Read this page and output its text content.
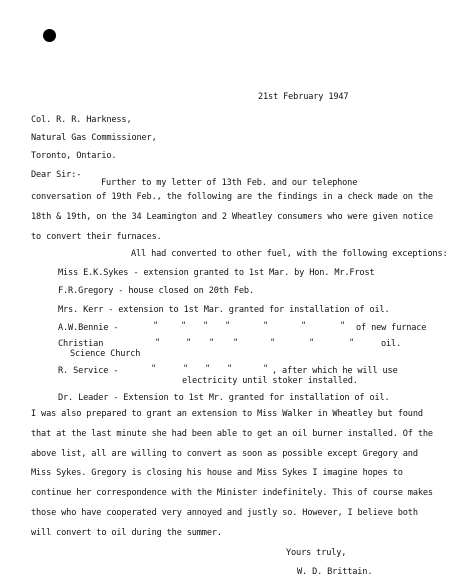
21st February 1947
Col. R. R. Harkness,
Natural Gas Commissioner,
Toronto, Ontario.
Dear Sir:-
Further to my letter of 13th Feb. and our telephone
conversation of 19th Feb., the following are the findings in a check made on the 18th & 19th, on the 34 Leamington and 2 Wheatley consumers who were given notice to convert their furnaces.
All had converted to other fuel, with the following exceptions:
Miss E.K.Sykes - extension granted to 1st Mar. by Hon. Mr.Frost
F.R.Gregory - house closed on 20th Feb.
Mrs. Kerr - extension to 1st Mar. granted for installation of oil.
A.W.Bennie -	"	" " "	"	"	" of new furnace
Christian
Science Church
"	" " "	"	"	"	oil.
R. Service -	"	" " "	" , after which he will use
electricity until stoker installed.
Dr. Leader - Extension to 1st Mr. granted for installation of oil.
I was also prepared to grant an extension to Miss Walker in Wheatley but found that at the last minute she had been able to get an oil burner installed. Of the above list, all are willing to convert as soon as possible except Gregory and Miss Sykes. Gregory is closing his house and Miss Sykes I imagine hopes to continue her correspondence with the Minister indefinitely. This of course makes those who have cooperated very annoyed and justly so. However, I believe both will convert to oil during the summer.
Yours truly,
W. D. Brittain.
